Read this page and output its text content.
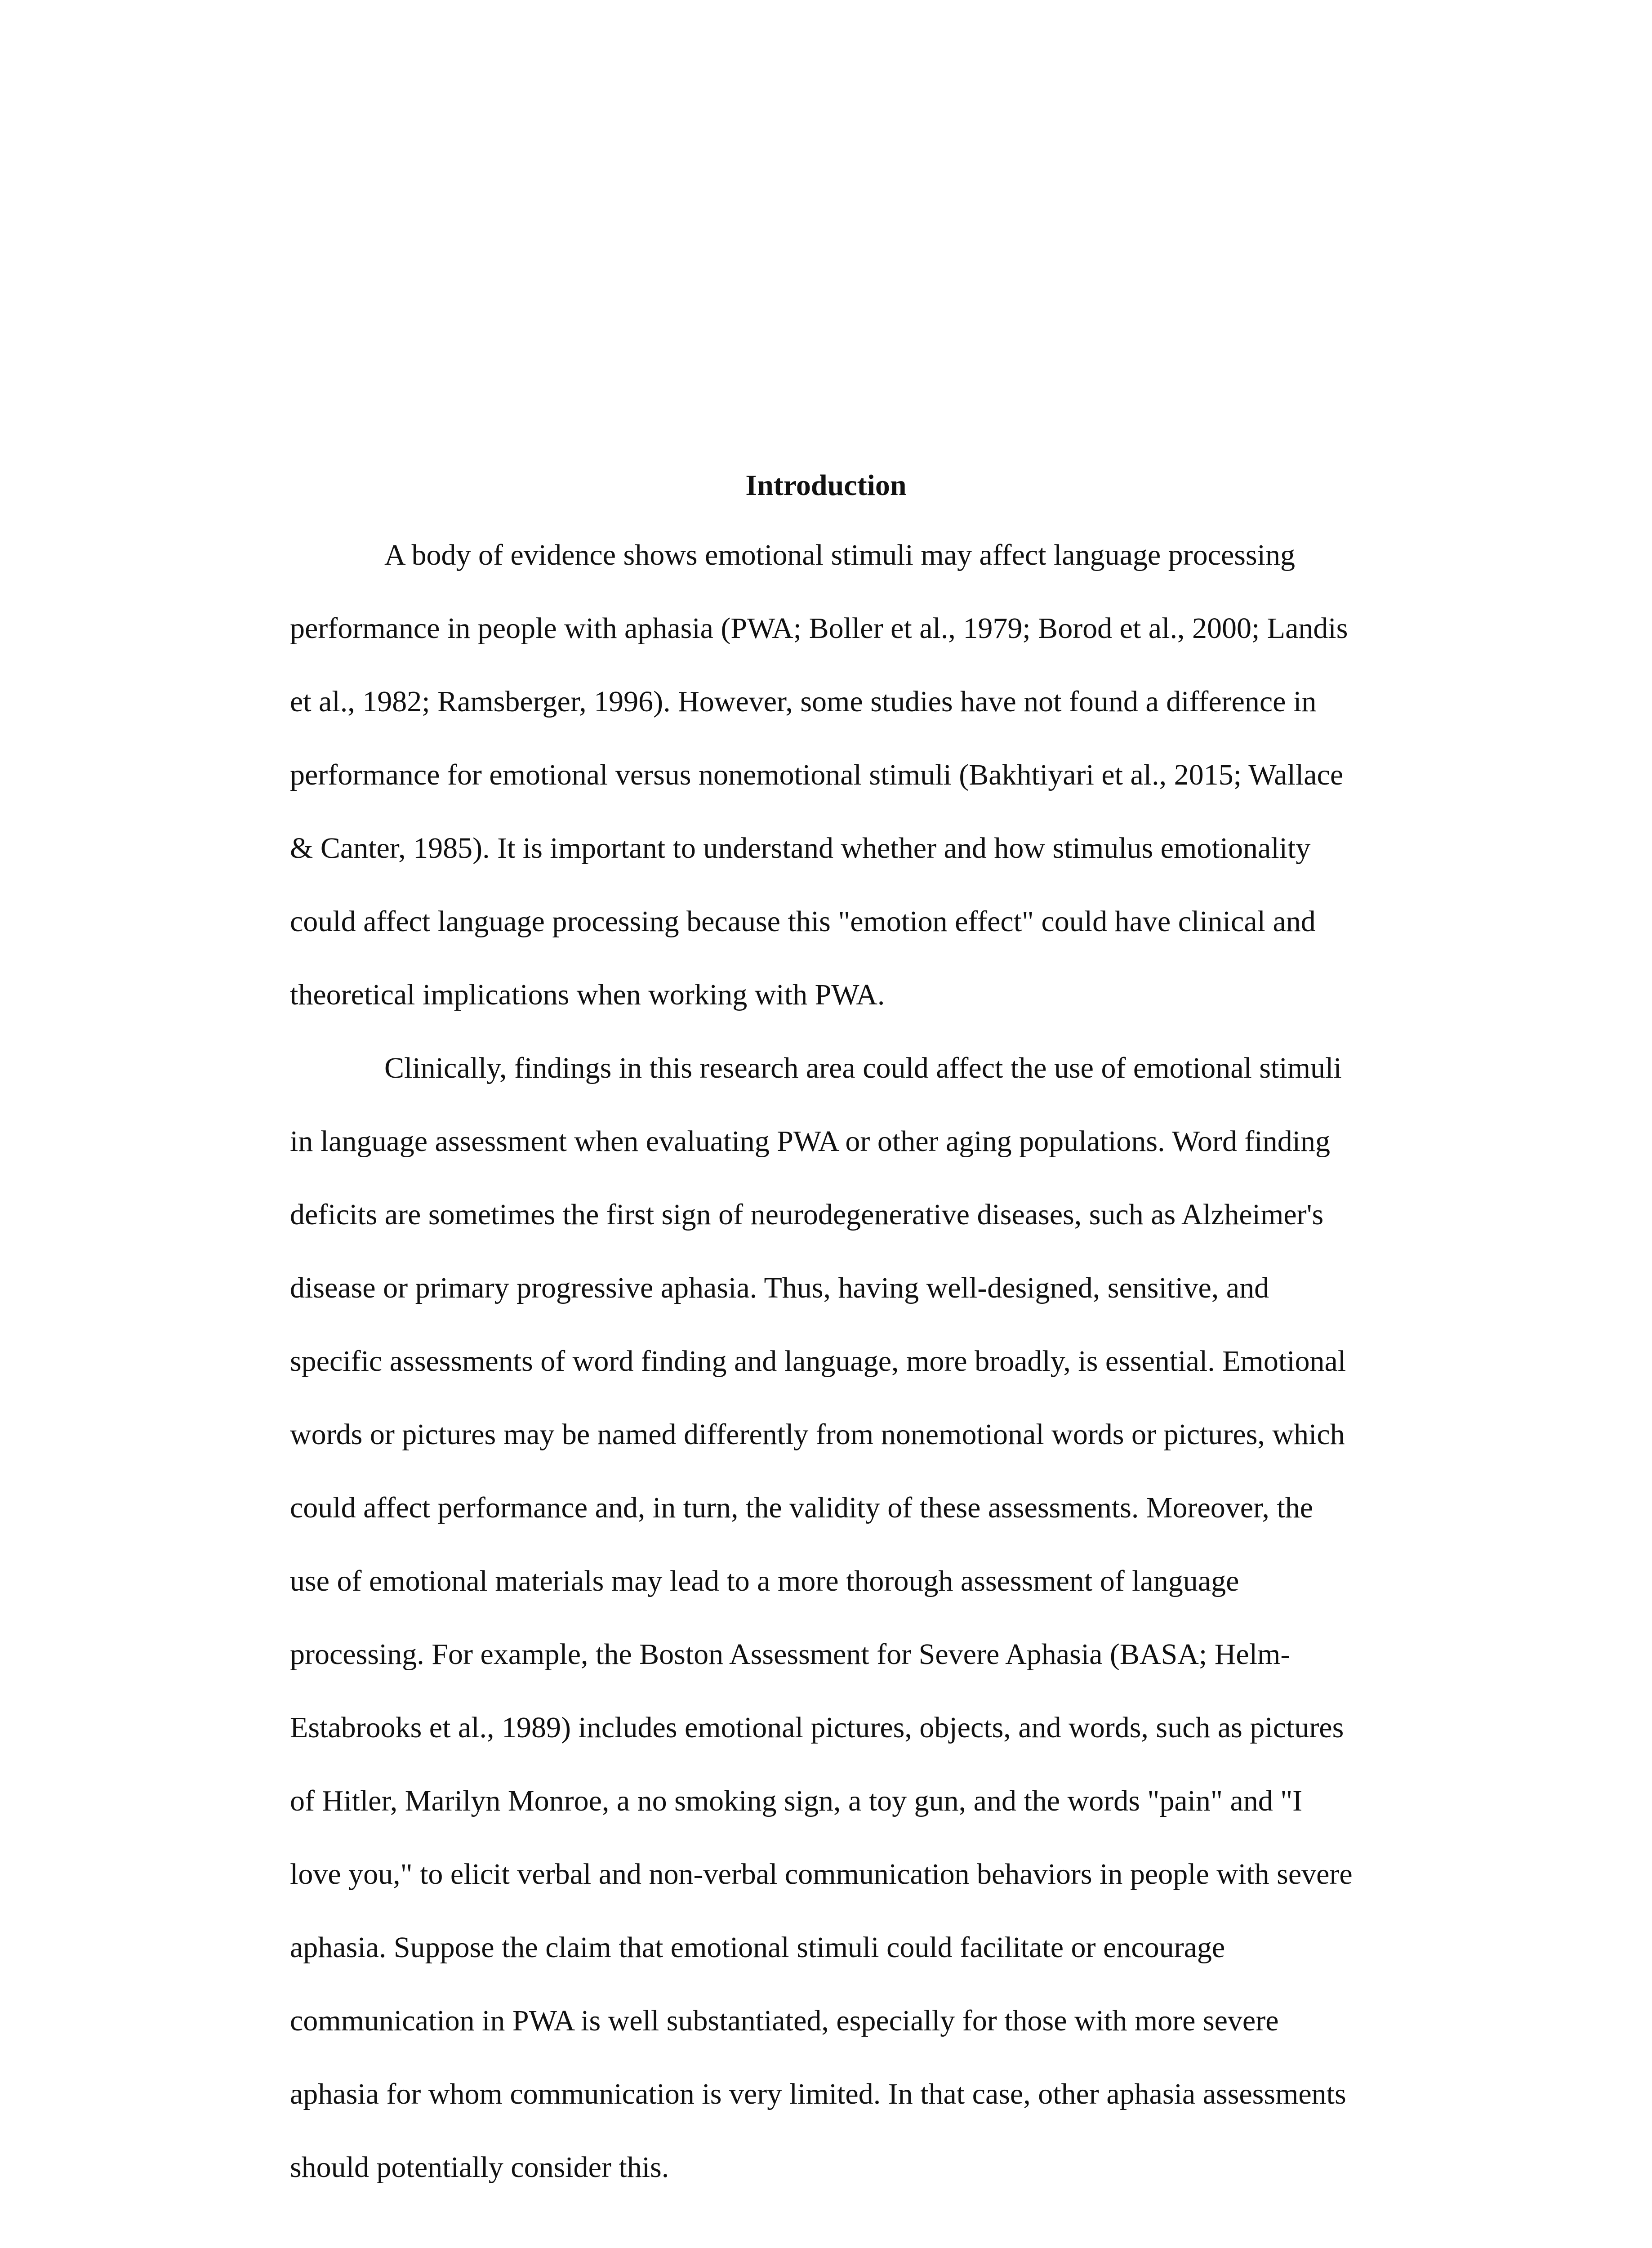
Introduction
A body of evidence shows emotional stimuli may affect language processing
performance in people with aphasia (PWA; Boller et al., 1979; Borod et al., 2000; Landis
et al., 1982; Ramsberger, 1996). However, some studies have not found a difference in
performance for emotional versus nonemotional stimuli (Bakhtiyari et al., 2015; Wallace
& Canter, 1985). It is important to understand whether and how stimulus emotionality
could affect language processing because this "emotion effect" could have clinical and
theoretical implications when working with PWA.
Clinically, findings in this research area could affect the use of emotional stimuli
in language assessment when evaluating PWA or other aging populations. Word finding
deficits are sometimes the first sign of neurodegenerative diseases, such as Alzheimer's
disease or primary progressive aphasia. Thus, having well-designed, sensitive, and
specific assessments of word finding and language, more broadly, is essential. Emotional
words or pictures may be named differently from nonemotional words or pictures, which
could affect performance and, in turn, the validity of these assessments. Moreover, the
use of emotional materials may lead to a more thorough assessment of language
processing. For example, the Boston Assessment for Severe Aphasia (BASA; Helm-
Estabrooks et al., 1989) includes emotional pictures, objects, and words, such as pictures
of Hitler, Marilyn Monroe, a no smoking sign, a toy gun, and the words "pain" and "I
love you," to elicit verbal and non-verbal communication behaviors in people with severe
aphasia. Suppose the claim that emotional stimuli could facilitate or encourage
communication in PWA is well substantiated, especially for those with more severe
aphasia for whom communication is very limited. In that case, other aphasia assessments
should potentially consider this.
